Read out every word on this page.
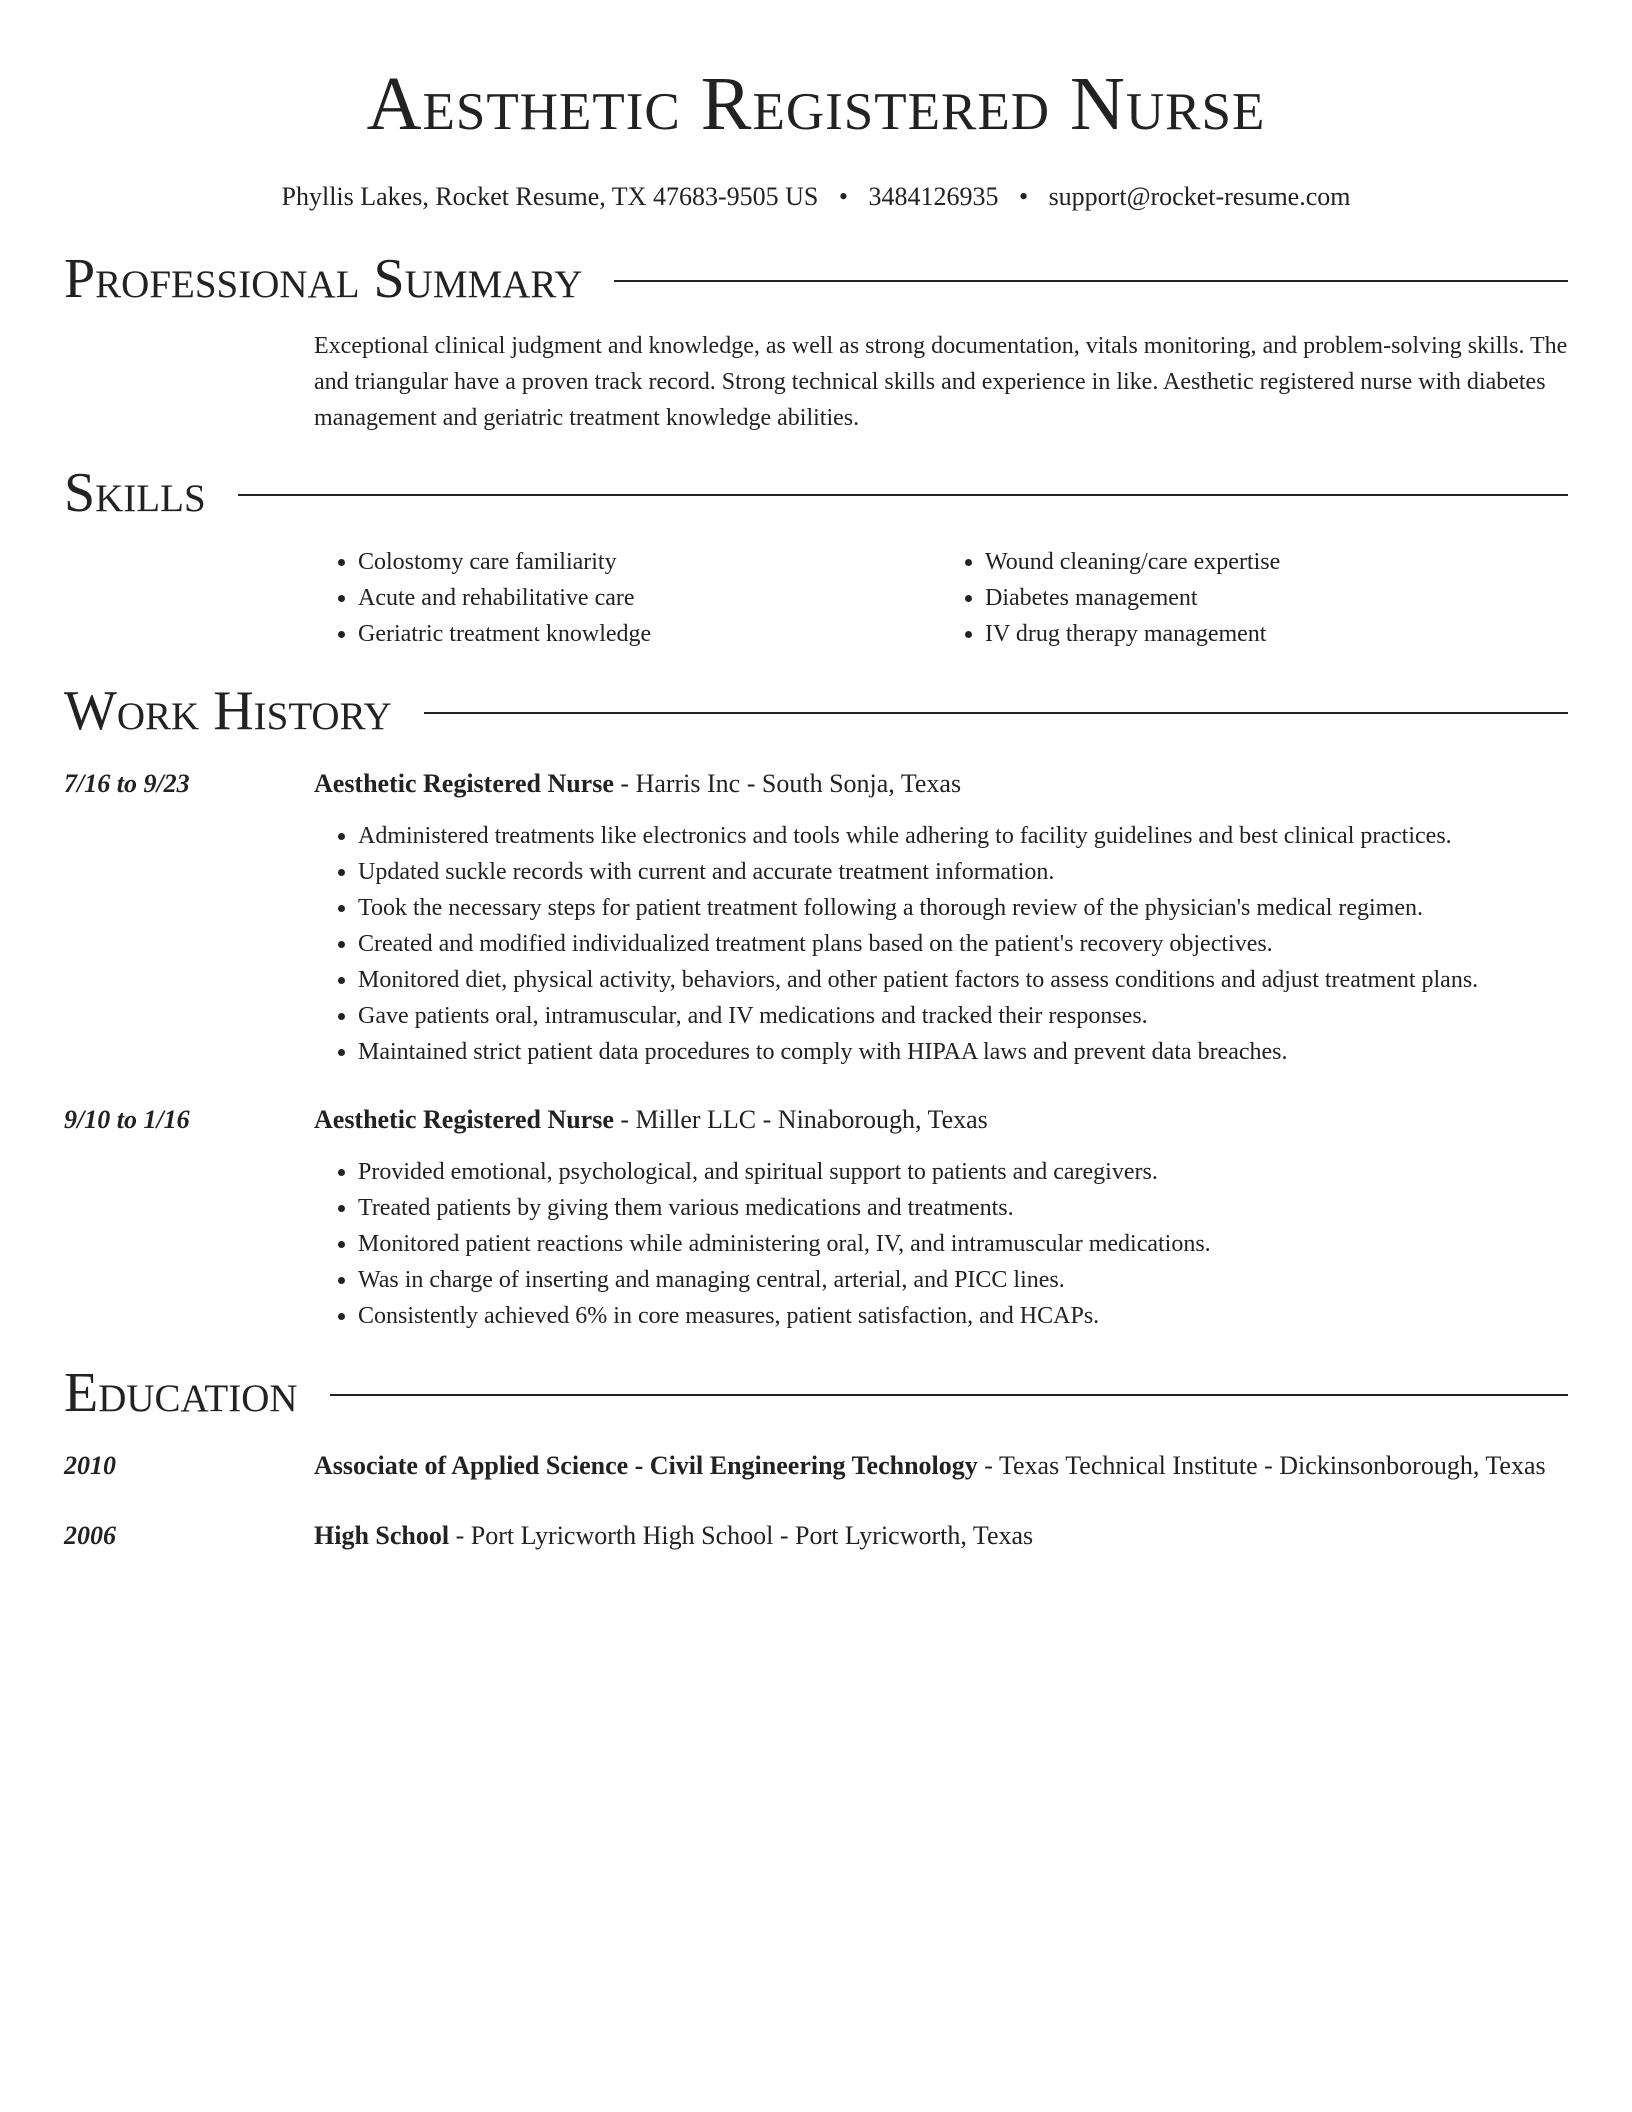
Aesthetic Registered Nurse
Phyllis Lakes, Rocket Resume, TX 47683-9505 US • 3484126935 • support@rocket-resume.com
Professional Summary

Exceptional clinical judgment and knowledge, as well as strong documentation, vitals monitoring, and problem-solving skills. The and triangular have a proven track record. Strong technical skills and experience in like. Aesthetic registered nurse with diabetes management and geriatric treatment knowledge abilities.

Skills
• Colostomy care familiarity
• Acute and rehabilitative care
• Geriatric treatment knowledge
• Wound cleaning/care expertise
• Diabetes management
• IV drug therapy management
Work History
7/16 to 9/23	Aesthetic Registered Nurse - Harris Inc - South Sonja, Texas
• Administered treatments like electronics and tools while adhering to facility guidelines and best clinical practices.
• Updated suckle records with current and accurate treatment information.
• Took the necessary steps for patient treatment following a thorough review of the physician's medical regimen.
• Created and modified individualized treatment plans based on the patient's recovery objectives.
• Monitored diet, physical activity, behaviors, and other patient factors to assess conditions and adjust treatment plans.
• Gave patients oral, intramuscular, and IV medications and tracked their responses.
• Maintained strict patient data procedures to comply with HIPAA laws and prevent data breaches.
9/10 to 1/16	Aesthetic Registered Nurse - Miller LLC - Ninaborough, Texas
• Provided emotional, psychological, and spiritual support to patients and caregivers.
• Treated patients by giving them various medications and treatments.
• Monitored patient reactions while administering oral, IV, and intramuscular medications.
• Was in charge of inserting and managing central, arterial, and PICC lines.
• Consistently achieved 6% in core measures, patient satisfaction, and HCAPs.
Education
2010	Associate of Applied Science - Civil Engineering Technology - Texas Technical Institute - Dickinsonborough, Texas
2006	High School - Port Lyricworth High School - Port Lyricworth, Texas
